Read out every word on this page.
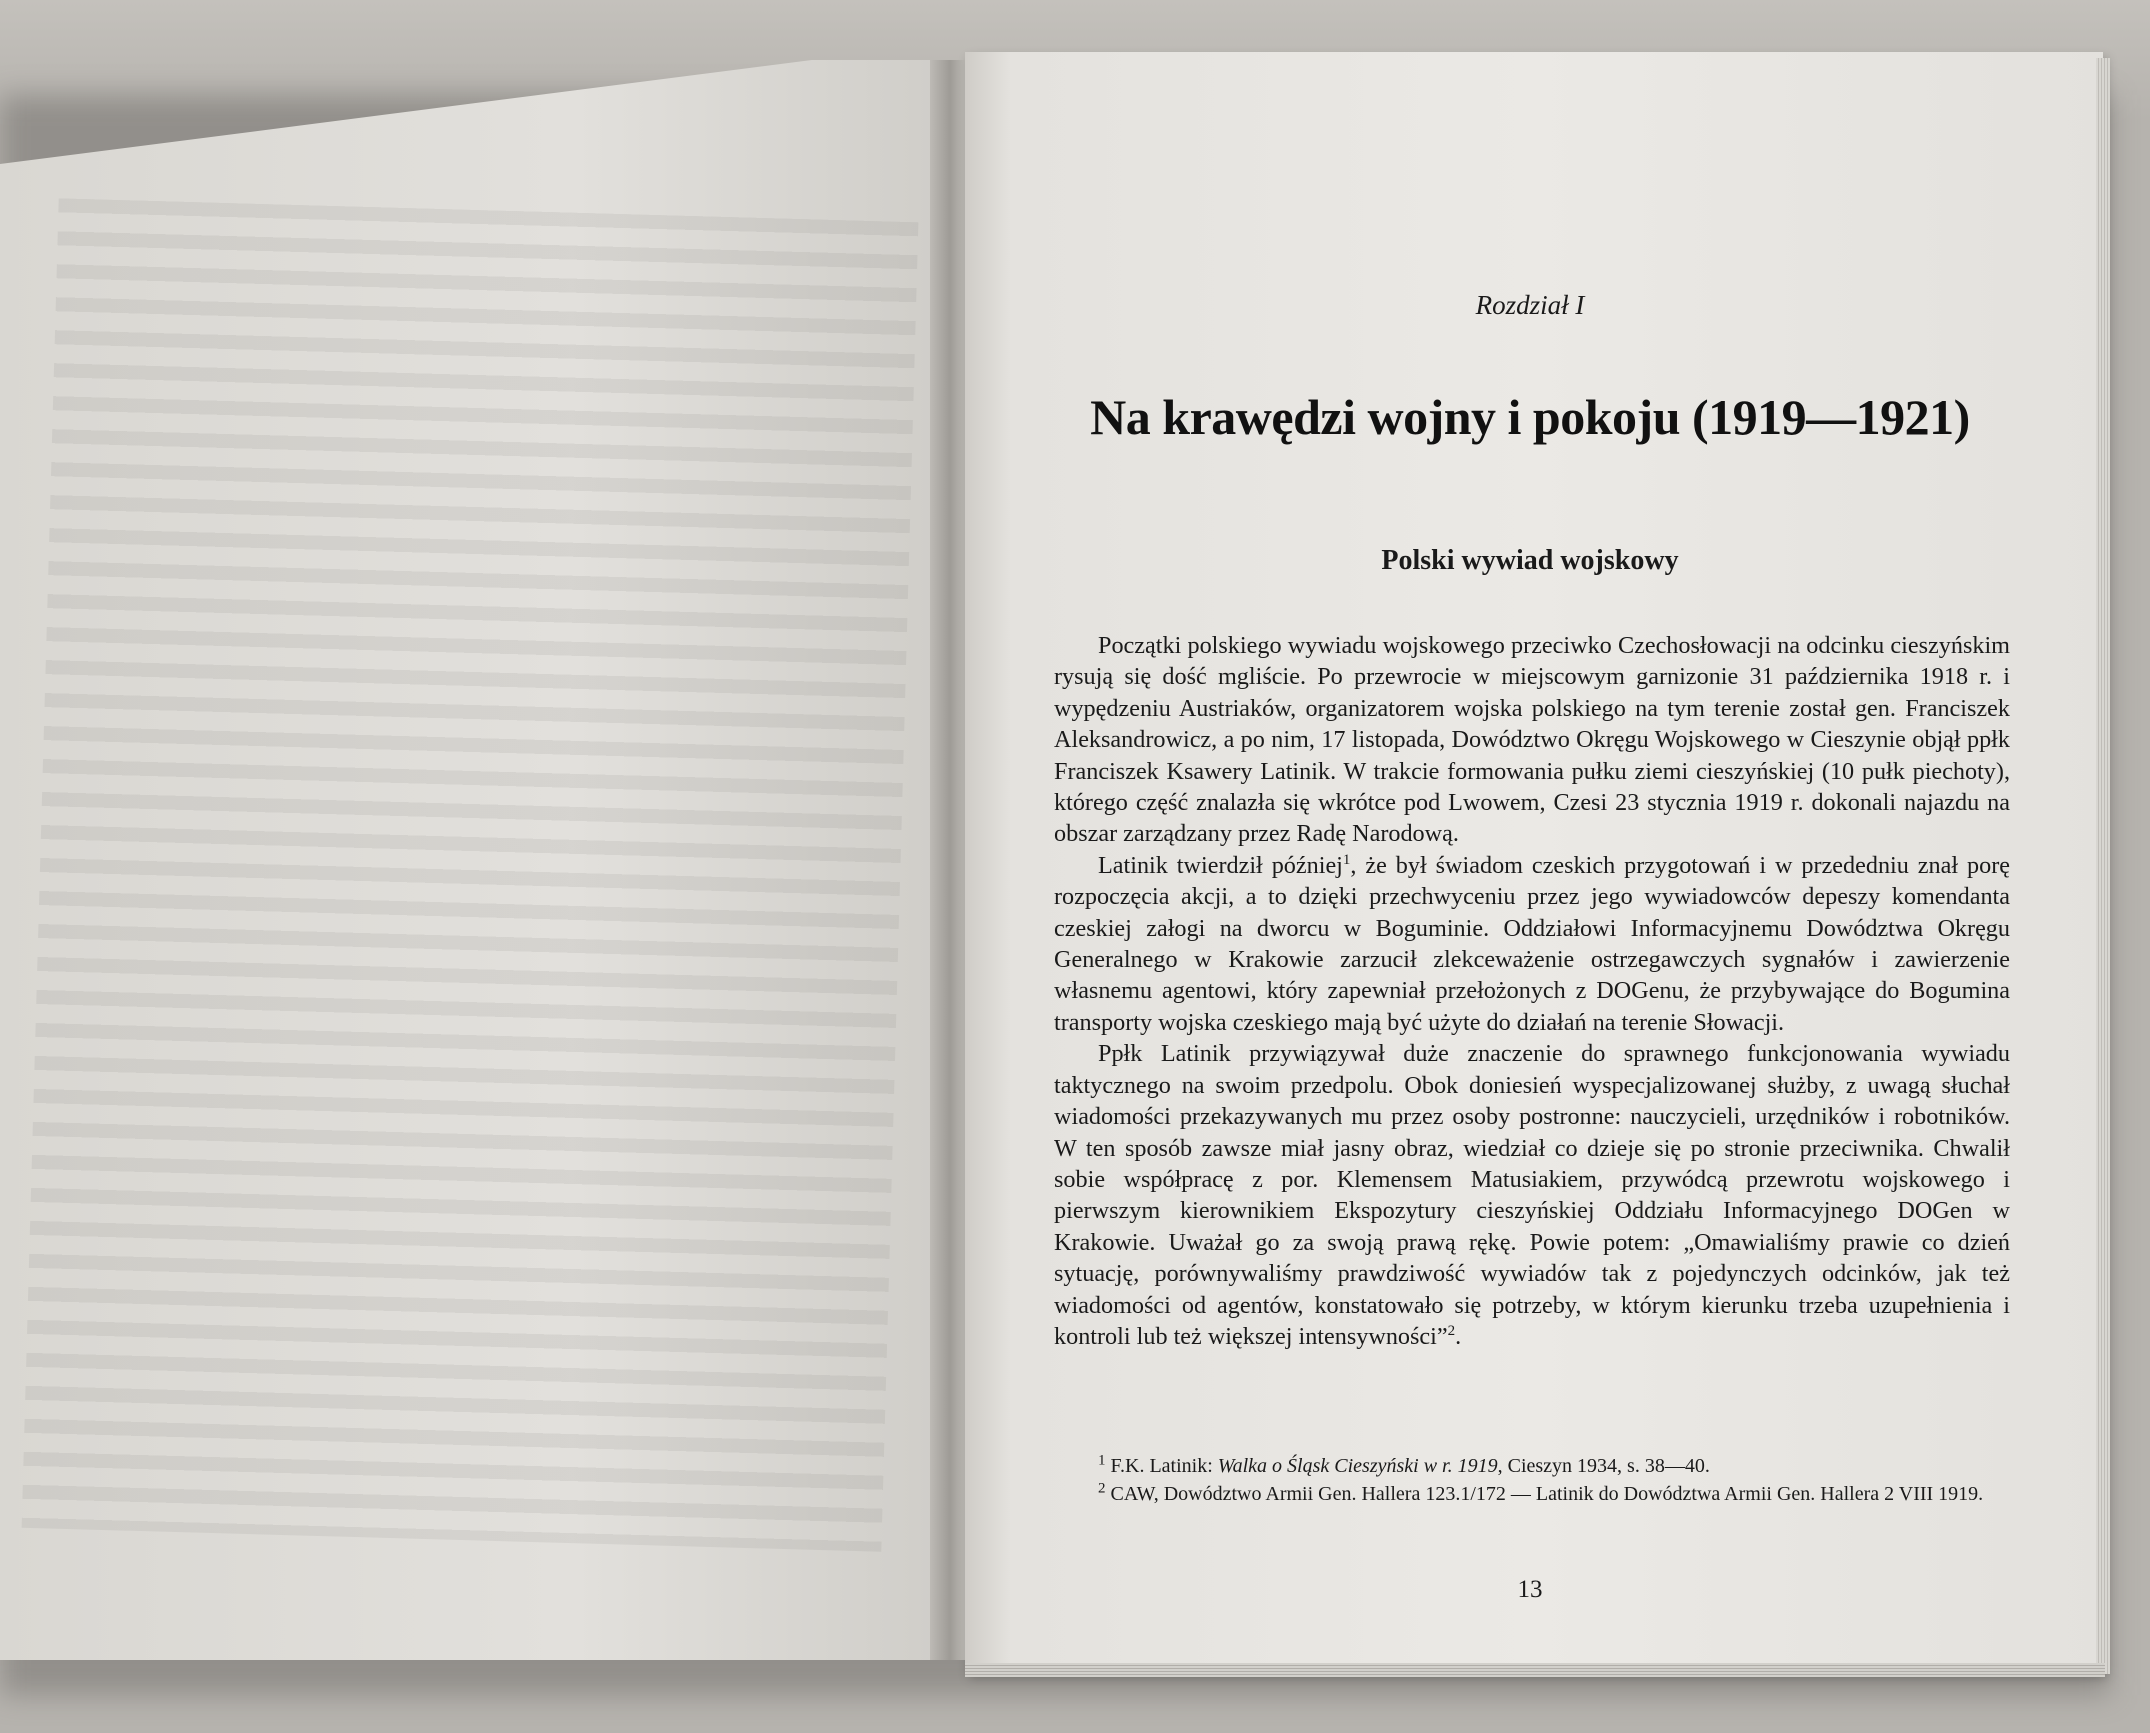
Rozdział I
Na krawędzi wojny i pokoju (1919—1921)
Polski wywiad wojskowy

Początki polskiego wywiadu wojskowego przeciwko Czechosłowacji na odcinku cieszyńskim rysują się dość mgliście. Po przewrocie w miejscowym garnizonie 31 października 1918 r. i wypędzeniu Austriaków, organizatorem wojska polskiego na tym terenie został gen. Franciszek Aleksandrowicz, a po nim, 17 listopada, Dowództwo Okręgu Wojskowego w Cieszynie objął ppłk Franciszek Ksawery Latinik. W trakcie formowania pułku ziemi cieszyńskiej (10 pułk piechoty), którego część znalazła się wkrótce pod Lwowem, Czesi 23 stycznia 1919 r. dokonali najazdu na obszar zarządzany przez Radę Narodową.

Latinik twierdził później$^1$, że był świadom czeskich przygotowań i w przededniu znał porę rozpoczęcia akcji, a to dzięki przechwyceniu przez jego wywiadowców depeszy komendanta czeskiej załogi na dworcu w Boguminie. Oddziałowi Informacyjnemu Dowództwa Okręgu Generalnego w Krakowie zarzucił zlekceważenie ostrzegawczych sygnałów i zawierzenie własnemu agentowi, który zapewniał przełożonych z DOGenu, że przybywające do Bogumina transporty wojska czeskiego mają być użyte do działań na terenie Słowacji.

Ppłk Latinik przywiązywał duże znaczenie do sprawnego funkcjonowania wywiadu taktycznego na swoim przedpolu. Obok doniesień wyspecjalizowanej służby, z uwagą słuchał wiadomości przekazywanych mu przez osoby postronne: nauczycieli, urzędników i robotników. W ten sposób zawsze miał jasny obraz, wiedział co dzieje się po stronie przeciwnika. Chwalił sobie współpracę z por. Klemensem Matusiakiem, przywódcą przewrotu wojskowego i pierwszym kierownikiem Ekspozytury cieszyńskiej Oddziału Informacyjnego DOGen w Krakowie. Uważał go za swoją prawą rękę. Powie potem: „Omawialiśmy prawie co dzień sytuację, porównywaliśmy prawdziwość wywiadów tak z pojedynczych odcinków, jak też wiadomości od agentów, konstatowało się potrzeby, w którym kierunku trzeba uzupełnienia i kontroli lub też większej intensywności”$^2$.

$^1$ F.K. Latinik: Walka o Śląsk Cieszyński w r. 1919, Cieszyn 1934, s. 38—40.

$^2$ CAW, Dowództwo Armii Gen. Hallera 123.1/172 — Latinik do Dowództwa Armii Gen. Hallera 2 VIII 1919.

13
